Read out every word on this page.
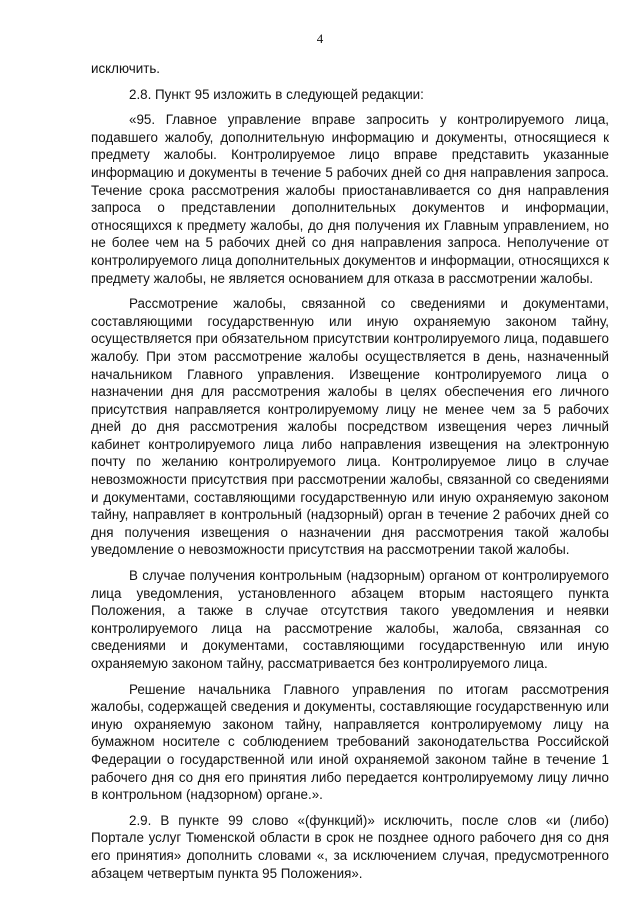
4

исключить.

2.8. Пункт 95 изложить в следующей редакции:

«95. Главное управление вправе запросить у контролируемого лица, подавшего жалобу, дополнительную информацию и документы, относящиеся к предмету жалобы. Контролируемое лицо вправе представить указанные информацию и документы в течение 5 рабочих дней со дня направления запроса. Течение срока рассмотрения жалобы приостанавливается со дня направления запроса о представлении дополнительных документов и информации, относящихся к предмету жалобы, до дня получения их Главным управлением, но не более чем на 5 рабочих дней со дня направления запроса. Неполучение от контролируемого лица дополнительных документов и информации, относящихся к предмету жалобы, не является основанием для отказа в рассмотрении жалобы.

Рассмотрение жалобы, связанной со сведениями и документами, составляющими государственную или иную охраняемую законом тайну, осуществляется при обязательном присутствии контролируемого лица, подавшего жалобу. При этом рассмотрение жалобы осуществляется в день, назначенный начальником Главного управления. Извещение контролируемого лица о назначении дня для рассмотрения жалобы в целях обеспечения его личного присутствия направляется контролируемому лицу не менее чем за 5 рабочих дней до дня рассмотрения жалобы посредством извещения через личный кабинет контролируемого лица либо направления извещения на электронную почту по желанию контролируемого лица. Контролируемое лицо в случае невозможности присутствия при рассмотрении жалобы, связанной со сведениями и документами, составляющими государственную или иную охраняемую законом тайну, направляет в контрольный (надзорный) орган в течение 2 рабочих дней со дня получения извещения о назначении дня рассмотрения такой жалобы уведомление о невозможности присутствия на рассмотрении такой жалобы.

В случае получения контрольным (надзорным) органом от контролируемого лица уведомления, установленного абзацем вторым настоящего пункта Положения, а также в случае отсутствия такого уведомления и неявки контролируемого лица на рассмотрение жалобы, жалоба, связанная со сведениями и документами, составляющими государственную или иную охраняемую законом тайну, рассматривается без контролируемого лица.

Решение начальника Главного управления по итогам рассмотрения жалобы, содержащей сведения и документы, составляющие государственную или иную охраняемую законом тайну, направляется контролируемому лицу на бумажном носителе с соблюдением требований законодательства Российской Федерации о государственной или иной охраняемой законом тайне в течение 1 рабочего дня со дня его принятия либо передается контролируемому лицу лично в контрольном (надзорном) органе.».

2.9. В пункте 99 слово «(функций)» исключить, после слов «и (либо) Портале услуг Тюменской области в срок не позднее одного рабочего дня со дня его принятия» дополнить словами «, за исключением случая, предусмотренного абзацем четвертым пункта 95 Положения».
